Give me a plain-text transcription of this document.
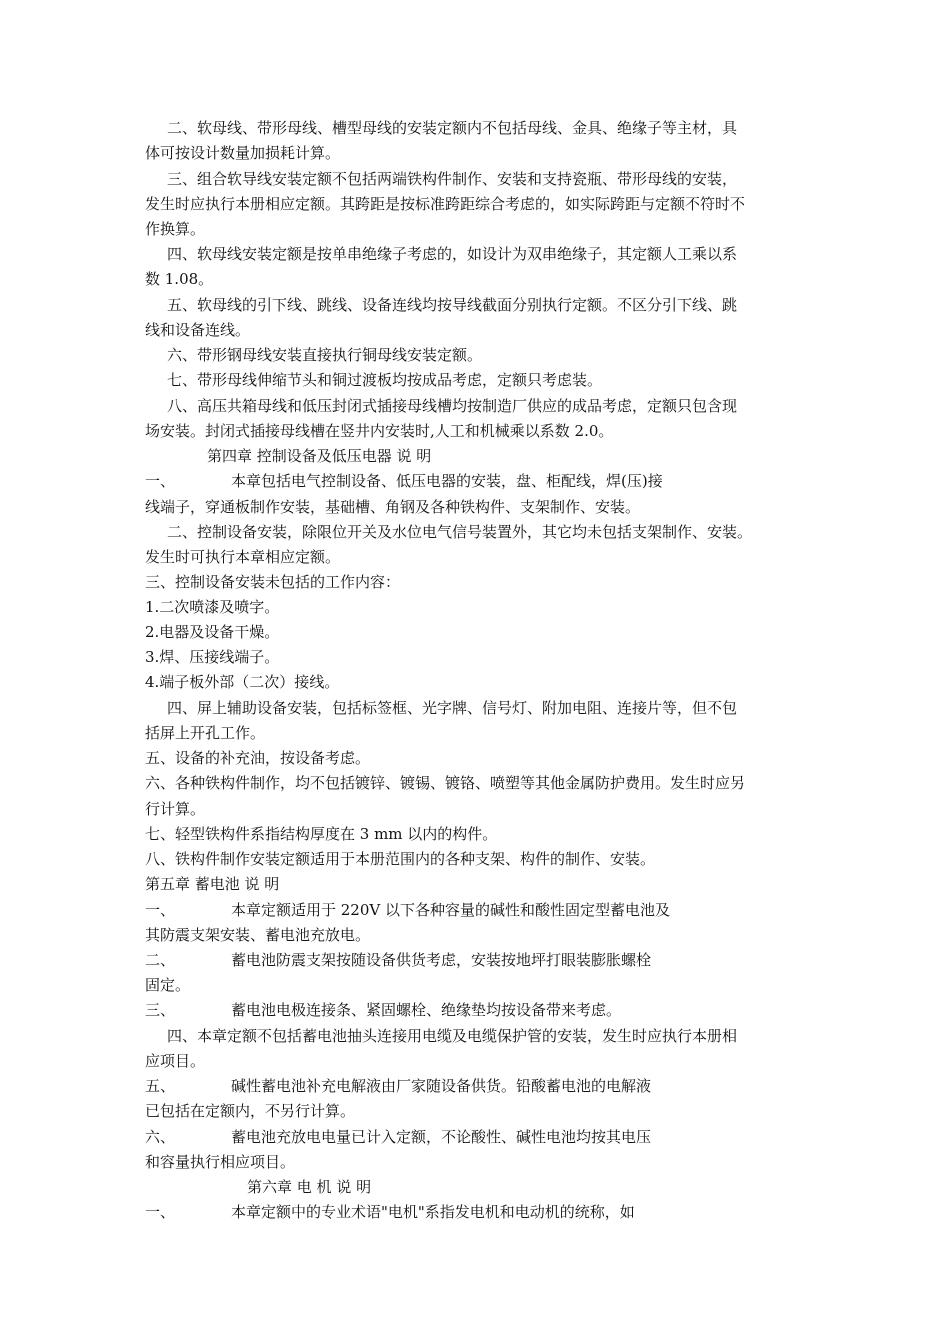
二、软母线、带形母线、槽型母线的安装定额内不包括母线、金具、绝缘子等主材，具
体可按设计数量加损耗计算。
三、组合软导线安装定额不包括两端铁构件制作、安装和支持瓷瓶、带形母线的安装，
发生时应执行本册相应定额。其跨距是按标准跨距综合考虑的，如实际跨距与定额不符时不
作换算。
四、软母线安装定额是按单串绝缘子考虑的，如设计为双串绝缘子，其定额人工乘以系
数 1.08。
五、软母线的引下线、跳线、设备连线均按导线截面分别执行定额。不区分引下线、跳
线和设备连线。
六、带形钢母线安装直接执行铜母线安装定额。
七、带形母线伸缩节头和铜过渡板均按成品考虑，定额只考虑装。
八、高压共箱母线和低压封闭式插接母线槽均按制造厂供应的成品考虑，定额只包含现
场安装。封闭式插接母线槽在竖井内安装时,人工和机械乘以系数 2.0。
第四章 控制设备及低压电器 说 明
一、	本章包括电气控制设备、低压电器的安装，盘、柜配线，焊(压)接
线端子，穿通板制作安装，基础槽、角钢及各种铁构件、支架制作、安装。
二、控制设备安装，除限位开关及水位电气信号装置外，其它均未包括支架制作、安装。
发生时可执行本章相应定额。
三、控制设备安装未包括的工作内容：
1.二次喷漆及喷字。
2.电器及设备干燥。
3.焊、压接线端子。
4.端子板外部（二次）接线。
四、屏上辅助设备安装，包括标签框、光字牌、信号灯、附加电阻、连接片等，但不包
括屏上开孔工作。
五、设备的补充油，按设备考虑。
六、各种铁构件制作，均不包括镀锌、镀锡、镀铬、喷塑等其他金属防护费用。发生时应另
行计算。
七、轻型铁构件系指结构厚度在 3 mm 以内的构件。
八、铁构件制作安装定额适用于本册范围内的各种支架、构件的制作、安装。
第五章 蓄电池 说 明
一、	本章定额适用于 220V 以下各种容量的碱性和酸性固定型蓄电池及
其防震支架安装、蓄电池充放电。
二、	蓄电池防震支架按随设备供货考虑，安装按地坪打眼装膨胀螺栓
固定。
三、	蓄电池电极连接条、紧固螺栓、绝缘垫均按设备带来考虑。
四、本章定额不包括蓄电池抽头连接用电缆及电缆保护管的安装，发生时应执行本册相
应项目。
五、	碱性蓄电池补充电解液由厂家随设备供货。铅酸蓄电池的电解液
已包括在定额内，不另行计算。
六、	蓄电池充放电电量已计入定额，不论酸性、碱性电池均按其电压
和容量执行相应项目。
第六章 电 机 说 明
一、	本章定额中的专业术语"电机"系指发电机和电动机的统称，如
